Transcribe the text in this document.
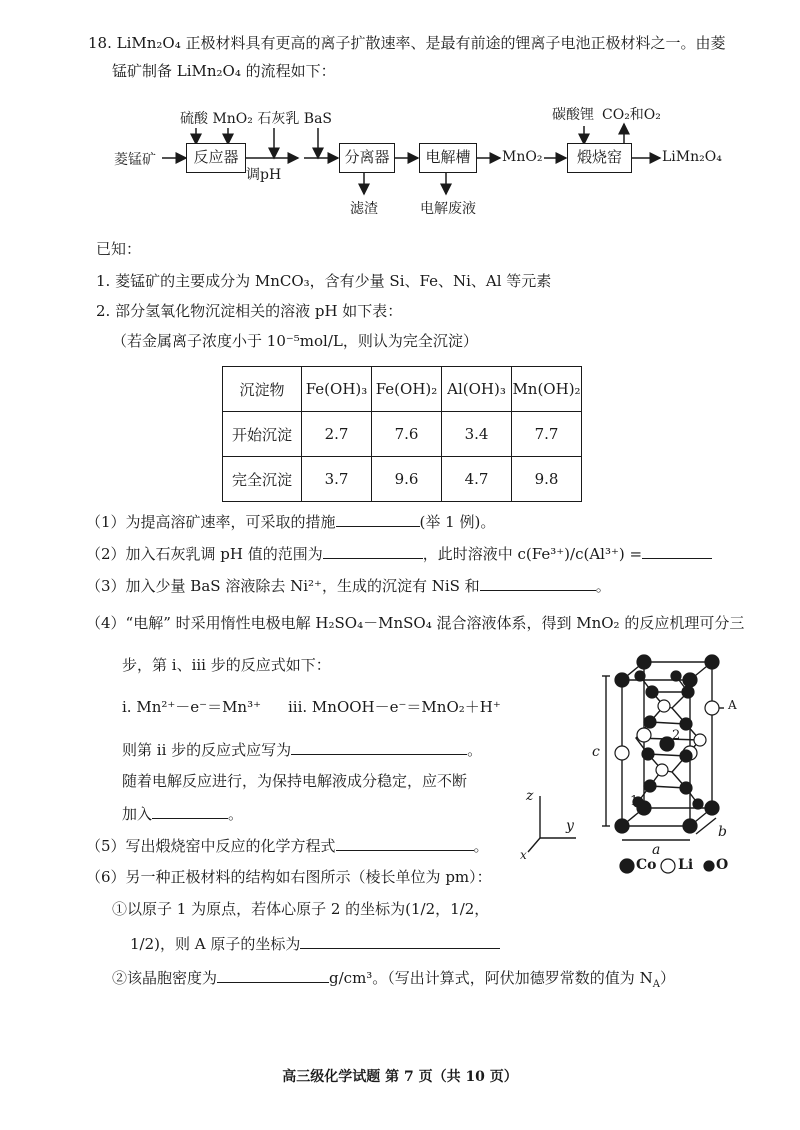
18. LiMn₂O₄ 正极材料具有更高的离子扩散速率、是最有前途的锂离子电池正极材料之一。由菱
锰矿制备 LiMn₂O₄ 的流程如下：
菱锰矿
硫酸 MnO₂ 石灰乳 BaS
反应器
调pH
分离器
滤渣
电解槽
电解废液
MnO₂
碳酸锂 CO₂和O₂
煅烧窑	LiMn₂O₄
已知：
1. 菱锰矿的主要成分为 MnCO₃，含有少量 Si、Fe、Ni、Al 等元素
2. 部分氢氧化物沉淀相关的溶液 pH 如下表：
（若金属离子浓度小于 10⁻⁵mol/L，则认为完全沉淀）
沉淀物	Fe(OH)₃	Fe(OH)₂	Al(OH)₃	Mn(OH)₂
开始沉淀	2.7	7.6	3.4	7.7
完全沉淀	3.7	9.6	4.7	9.8
（1）为提高溶矿速率，可采取的措施	(举 1 例)。
（2）加入石灰乳调 pH 值的范围为	，此时溶液中 c(Fe³⁺)/c(Al³⁺) =
（3）加入少量 BaS 溶液除去 Ni²⁺，生成的沉淀有 NiS 和	。
（4）“电解” 时采用惰性电极电解 H₂SO₄－MnSO₄ 混合溶液体系，得到 MnO₂ 的反应机理可分三
步，第 i、iii 步的反应式如下：
i. Mn²⁺－e⁻＝Mn³⁺ iii. MnOOH－e⁻＝MnO₂＋H⁺
则第 ii 步的反应式应写为	。
随着电解反应进行，为保持电解液成分稳定，应不断
加入	。
（5）写出煅烧窑中反应的化学方程式	。
（6）另一种正极材料的结构如右图所示（棱长单位为 pm）：
①以原子 1 为原点，若体心原子 2 的坐标为(1/2，1/2，
1/2)，则 A 原子的坐标为
②该晶胞密度为	g/cm³。（写出计算式，阿伏加德罗常数的值为 $N_A$）
A
c
a
b
1
2
z
y
x
Co Li O
高三级化学试题 第 7 页（共 10 页）
